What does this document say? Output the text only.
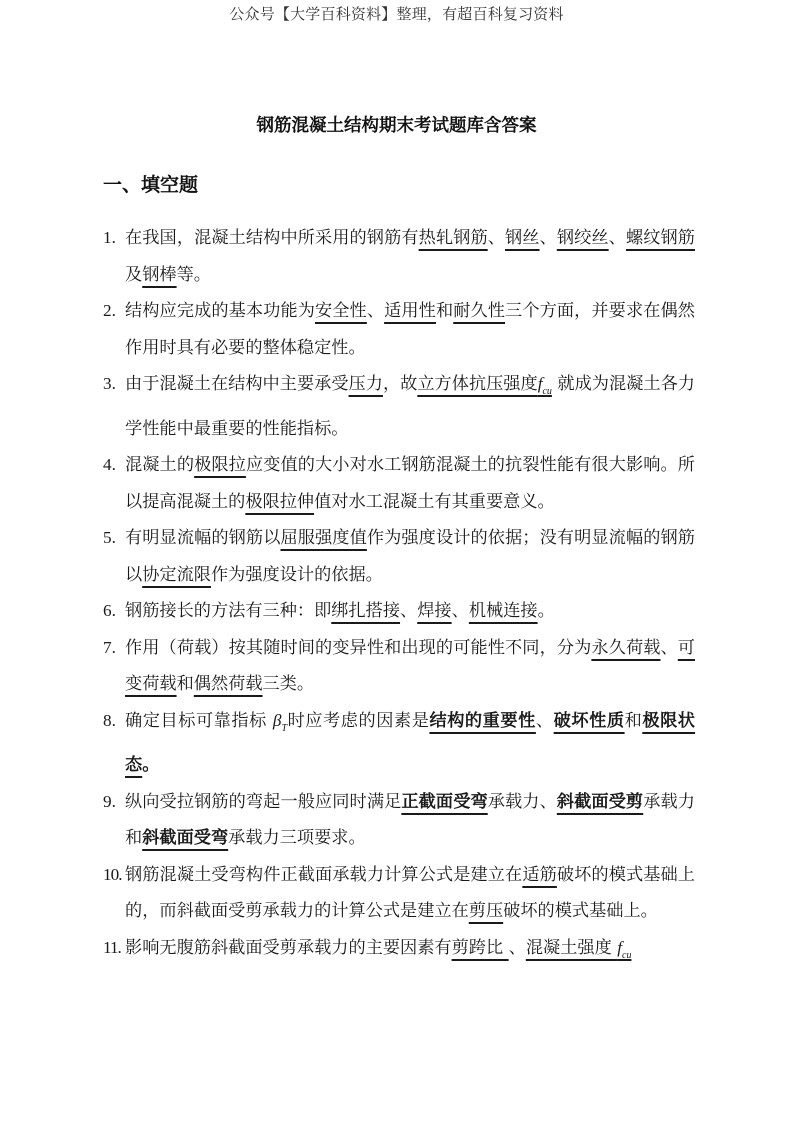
公众号【大学百科资料】整理，有超百科复习资料
钢筋混凝土结构期末考试题库含答案
一、填空题
1. 在我国，混凝土结构中所采用的钢筋有热轧钢筋、钢丝、钢绞丝、螺纹钢筋及钢棒等。
2. 结构应完成的基本功能为安全性、适用性和耐久性三个方面，并要求在偶然作用时具有必要的整体稳定性。
3. 由于混凝土在结构中主要承受压力，故立方体抗压强度$f_{cu}$ 就成为混凝土各力学性能中最重要的性能指标。
4. 混凝土的极限拉应变值的大小对水工钢筋混凝土的抗裂性能有很大影响。所以提高混凝土的极限拉伸值对水工混凝土有其重要意义。
5. 有明显流幅的钢筋以屈服强度值作为强度设计的依据；没有明显流幅的钢筋以协定流限作为强度设计的依据。
6. 钢筋接长的方法有三种：即绑扎搭接、焊接、机械连接。
7. 作用（荷载）按其随时间的变异性和出现的可能性不同，分为永久荷载、可变荷载和偶然荷载三类。
8. 确定目标可靠指标 $\beta_T$时应考虑的因素是结构的重要性、破坏性质和极限状态。
9. 纵向受拉钢筋的弯起一般应同时满足正截面受弯承载力、斜截面受剪承载力和斜截面受弯承载力三项要求。
10. 钢筋混凝土受弯构件正截面承载力计算公式是建立在适筋破坏的模式基础上的，而斜截面受剪承载力的计算公式是建立在剪压破坏的模式基础上。
11. 影响无腹筋斜截面受剪承载力的主要因素有剪跨比 、混凝土强度 $f_{cu}$
